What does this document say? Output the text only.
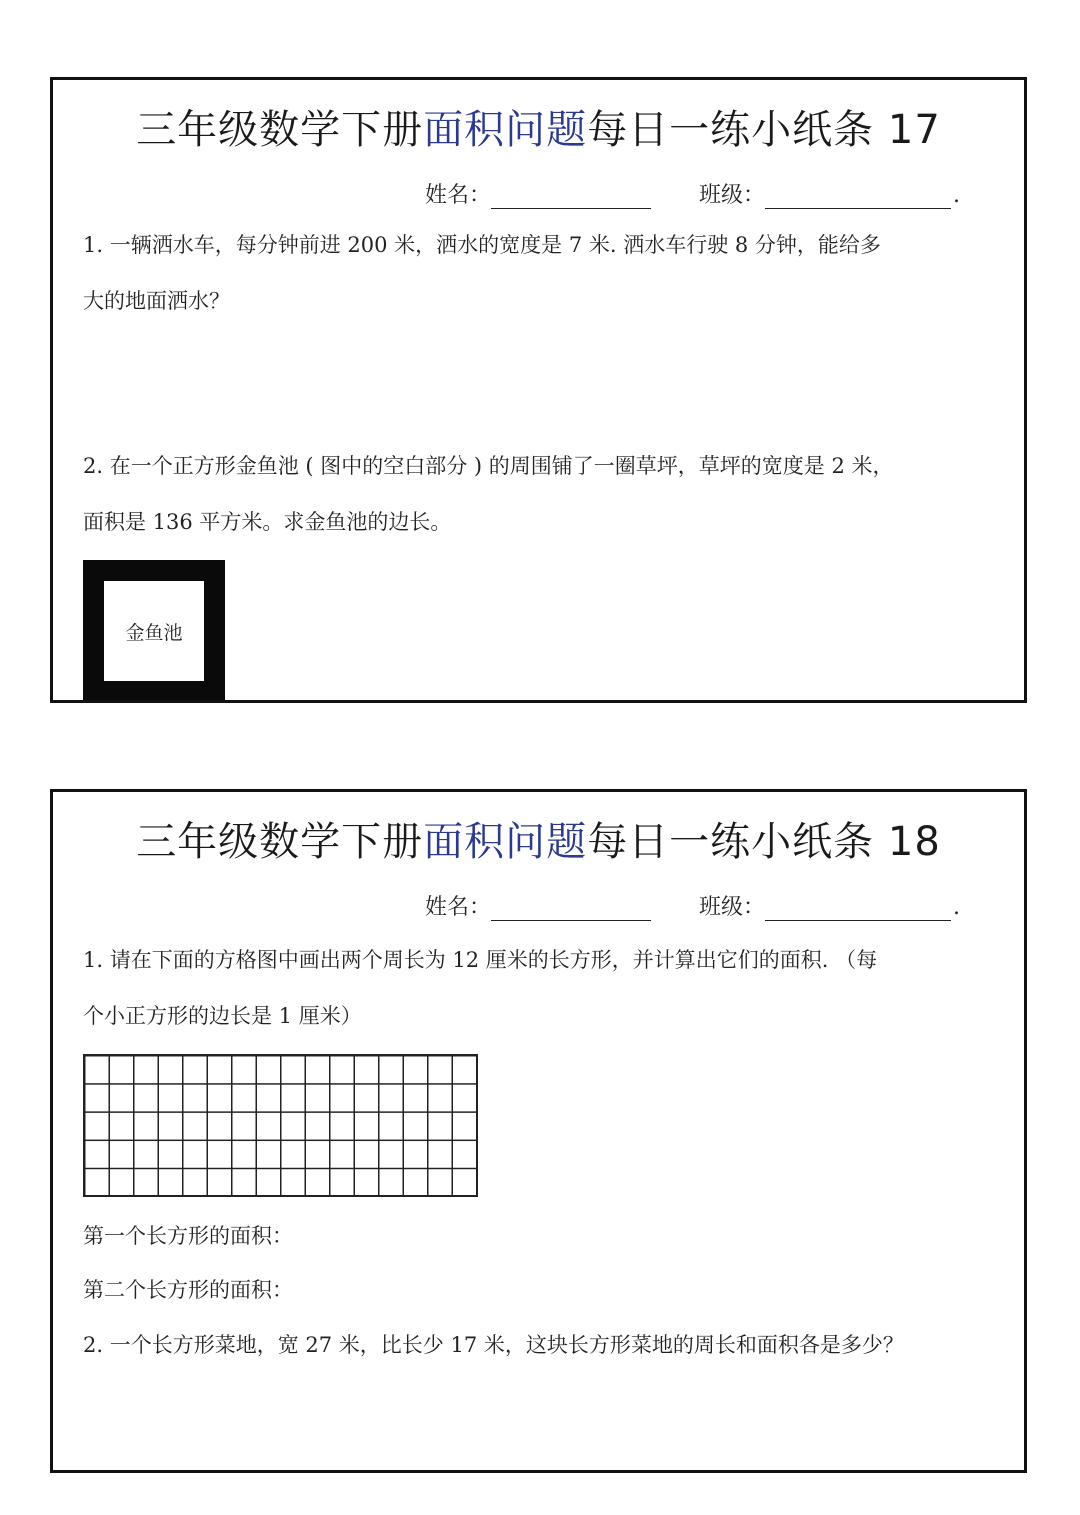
三年级数学下册面积问题每日一练小纸条 17
姓名：	班级：	.
1. 一辆洒水车，每分钟前进 200 米，洒水的宽度是 7 米. 洒水车行驶 8 分钟，能给多
大的地面洒水？
2. 在一个正方形金鱼池 ( 图中的空白部分 ) 的周围铺了一圈草坪，草坪的宽度是 2 米，
面积是 136 平方米。求金鱼池的边长。
金鱼池
三年级数学下册面积问题每日一练小纸条 18
姓名：	班级：	.
1. 请在下面的方格图中画出两个周长为 12 厘米的长方形，并计算出它们的面积. （每
个小正方形的边长是 1 厘米）
第一个长方形的面积：
第二个长方形的面积：
2. 一个长方形菜地，宽 27 米，比长少 17 米，这块长方形菜地的周长和面积各是多少？
